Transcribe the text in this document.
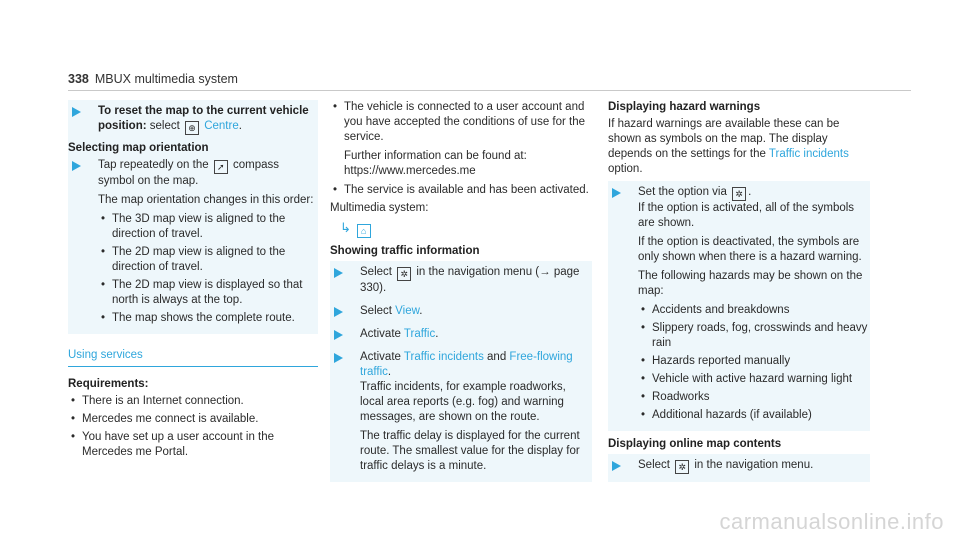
338 MBUX multimedia system
To reset the map to the current vehicle position: select ⊕ Centre.
Selecting map orientation
Tap repeatedly on the ➚ compass symbol on the map.

The map orientation changes in this order:

• The 3D map view is aligned to the direction of travel.
• The 2D map view is aligned to the direction of travel.
• The 2D map view is displayed so that north is always at the top.
• The map shows the complete route.
Using services
Requirements:
• There is an Internet connection.
• Mercedes me connect is available.
• You have set up a user account in the Mercedes me Portal.
• The vehicle is connected to a user account and you have accepted the conditions of use for the service.

Further information can be found at: https://www.mercedes.me

• The service is available and has been activated.

Multimedia system:

↳ ⌂
Showing traffic information
Select ✲ in the navigation menu (→ page 330).
Select View.
Activate Traffic.
Activate Traffic incidents and Free-flowing traffic.

Traffic incidents, for example roadworks, local area reports (e.g. fog) and warning messages, are shown on the route.

The traffic delay is displayed for the current route. The smallest value for the display for traffic delays is a minute.

Displaying hazard warnings

If hazard warnings are available these can be shown as symbols on the map. The display depends on the settings for the Traffic incidents option.

Set the option via ✲ .

If the option is activated, all of the symbols are shown.

If the option is deactivated, the symbols are only shown when there is a hazard warning.

The following hazards may be shown on the map:

• Accidents and breakdowns
• Slippery roads, fog, crosswinds and heavy rain
• Hazards reported manually
• Vehicle with active hazard warning light
• Roadworks
• Additional hazards (if available)
Displaying online map contents
Select ✲ in the navigation menu.
carmanualsonline.info
